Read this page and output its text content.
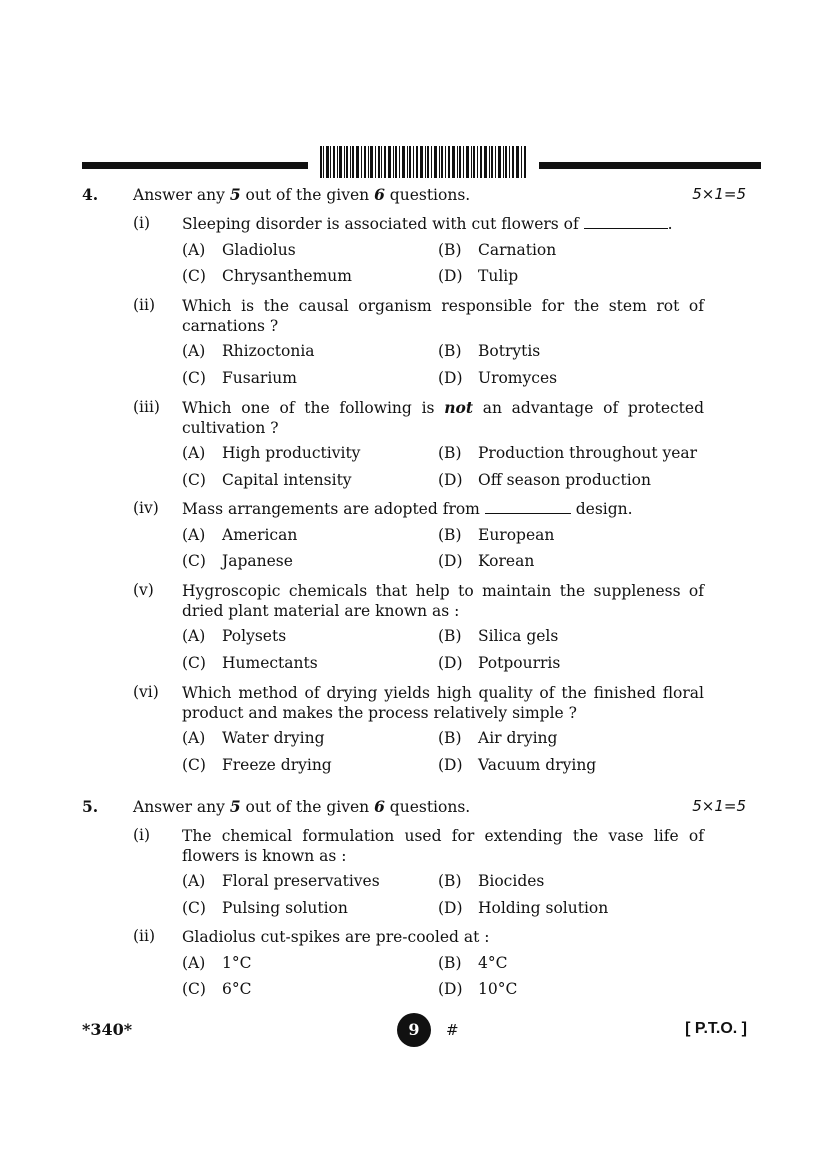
4. Answer any 5 out of the given 6 questions.	5×1=5
(i) Sleeping disorder is associated with cut flowers of	.
(A) Gladiolus	(B) Carnation
(C) Chrysanthemum	(D) Tulip
(ii) Which is the causal organism responsible for the stem rot of carnations ?
(A) Rhizoctonia	(B) Botrytis
(C) Fusarium	(D) Uromyces
(iii) Which one of the following is not an advantage of protected cultivation ?
(A) High productivity	(B) Production throughout year
(C) Capital intensity	(D) Off season production
(iv) Mass arrangements are adopted from	design.
(A) American	(B) European
(C) Japanese	(D) Korean
(v) Hygroscopic chemicals that help to maintain the suppleness of dried plant material are known as :
(A) Polysets	(B) Silica gels
(C) Humectants	(D) Potpourris
(vi) Which method of drying yields high quality of the finished floral product and makes the process relatively simple ?
(A) Water drying	(B) Air drying
(C) Freeze drying	(D) Vacuum drying
5. Answer any 5 out of the given 6 questions.	5×1=5
(i) The chemical formulation used for extending the vase life of flowers is known as :
(A) Floral preservatives	(B) Biocides
(C) Pulsing solution	(D) Holding solution
(ii) Gladiolus cut-spikes are pre-cooled at :
(A) 1°C	(B) 4°C
(C) 6°C	(D) 10°C
*340*	9	#	[ P.T.O. ]
